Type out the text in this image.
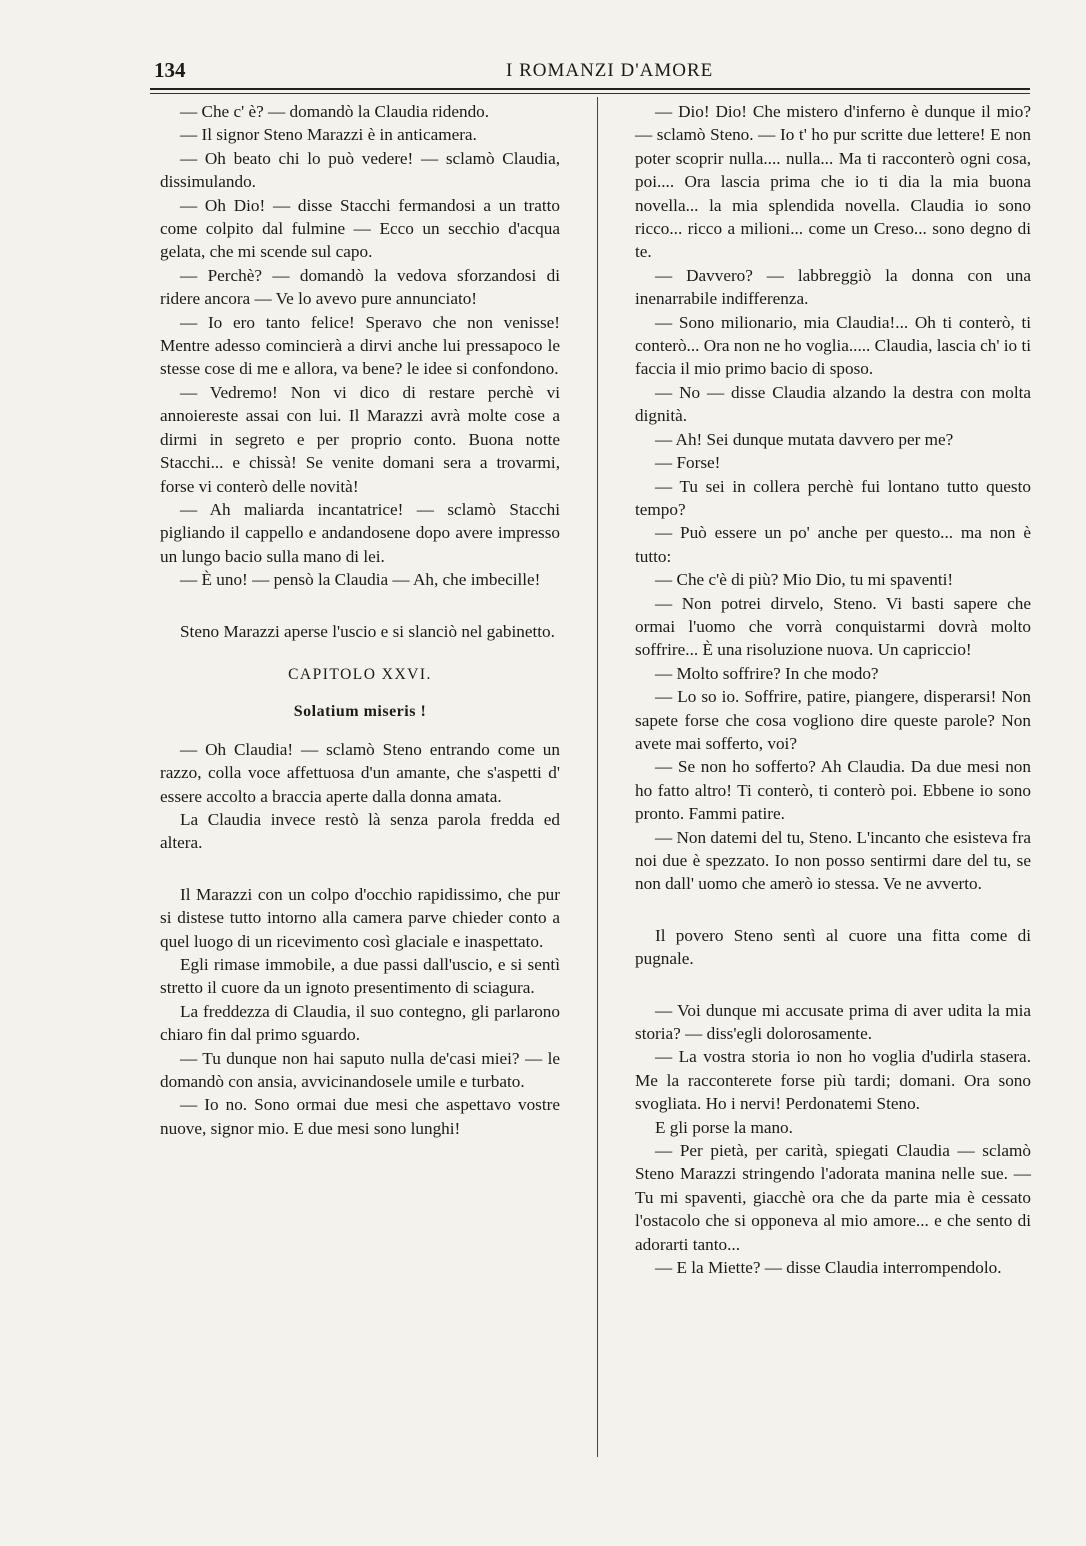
134	I ROMANZI D'AMORE

— Che c' è? — domandò la Claudia ridendo.

— Il signor Steno Marazzi è in anticamera.

— Oh beato chi lo può vedere! — sclamò Claudia, dissimulando.

— Oh Dio! — disse Stacchi fermandosi a un tratto come colpito dal fulmine — Ecco un secchio d'acqua gelata, che mi scende sul capo.

— Perchè? — domandò la vedova sforzandosi di ridere ancora — Ve lo avevo pure annunciato!

— Io ero tanto felice! Speravo che non venisse! Mentre adesso comincierà a dirvi anche lui pressapoco le stesse cose di me e allora, va bene? le idee si confondono.

— Vedremo! Non vi dico di restare perchè vi annoiereste assai con lui. Il Marazzi avrà molte cose a dirmi in segreto e per proprio conto. Buona notte Stacchi... e chissà! Se venite domani sera a trovarmi, forse vi conterò delle novità!

— Ah maliarda incantatrice! — sclamò Stacchi pigliando il cappello e andandosene dopo avere impresso un lungo bacio sulla mano di lei.

— È uno! — pensò la Claudia — Ah, che imbecille!

Steno Marazzi aperse l'uscio e si slanciò nel gabinetto.

CAPITOLO XXVI.

Solatium miseris !

— Oh Claudia! — sclamò Steno entrando come un razzo, colla voce affettuosa d'un amante, che s'aspetti d' essere accolto a braccia aperte dalla donna amata.

La Claudia invece restò là senza parola fredda ed altera.

Il Marazzi con un colpo d'occhio rapidissimo, che pur si distese tutto intorno alla camera parve chieder conto a quel luogo di un ricevimento così glaciale e inaspettato.

Egli rimase immobile, a due passi dall'uscio, e si sentì stretto il cuore da un ignoto presentimento di sciagura.

La freddezza di Claudia, il suo contegno, gli parlarono chiaro fin dal primo sguardo.

— Tu dunque non hai saputo nulla de'casi miei? — le domandò con ansia, avvicinandosele umile e turbato.

— Io no. Sono ormai due mesi che aspettavo vostre nuove, signor mio. E due mesi sono lunghi!

— Dio! Dio! Che mistero d'inferno è dunque il mio? — sclamò Steno. — Io t' ho pur scritte due lettere! E non poter scoprir nulla.... nulla... Ma ti racconterò ogni cosa, poi.... Ora lascia prima che io ti dia la mia buona novella... la mia splendida novella. Claudia io sono ricco... ricco a milioni... come un Creso... sono degno di te.

— Davvero? — labbreggiò la donna con una inenarrabile indifferenza.

— Sono milionario, mia Claudia!... Oh ti conterò, ti conterò... Ora non ne ho voglia..... Claudia, lascia ch' io ti faccia il mio primo bacio di sposo.

— No — disse Claudia alzando la destra con molta dignità.

— Ah! Sei dunque mutata davvero per me?

— Forse!

— Tu sei in collera perchè fui lontano tutto questo tempo?

— Può essere un po' anche per questo... ma non è tutto:

— Che c'è di più? Mio Dio, tu mi spaventi!

— Non potrei dirvelo, Steno. Vi basti sapere che ormai l'uomo che vorrà conquistarmi dovrà molto soffrire... È una risoluzione nuova. Un capriccio!

— Molto soffrire? In che modo?

— Lo so io. Soffrire, patire, piangere, disperarsi! Non sapete forse che cosa vogliono dire queste parole? Non avete mai sofferto, voi?

— Se non ho sofferto? Ah Claudia. Da due mesi non ho fatto altro! Ti conterò, ti conterò poi. Ebbene io sono pronto. Fammi patire.

— Non datemi del tu, Steno. L'incanto che esisteva fra noi due è spezzato. Io non posso sentirmi dare del tu, se non dall' uomo che amerò io stessa. Ve ne avverto.

Il povero Steno sentì al cuore una fitta come di pugnale.

— Voi dunque mi accusate prima di aver udita la mia storia? — diss'egli dolorosamente.

— La vostra storia io non ho voglia d'udirla stasera. Me la racconterete forse più tardi; domani. Ora sono svogliata. Ho i nervi! Perdonatemi Steno.

E gli porse la mano.

— Per pietà, per carità, spiegati Claudia — sclamò Steno Marazzi stringendo l'adorata manina nelle sue. — Tu mi spaventi, giacchè ora che da parte mia è cessato l'ostacolo che si opponeva al mio amore... e che sento di adorarti tanto...

— E la Miette? — disse Claudia interrompendolo.
